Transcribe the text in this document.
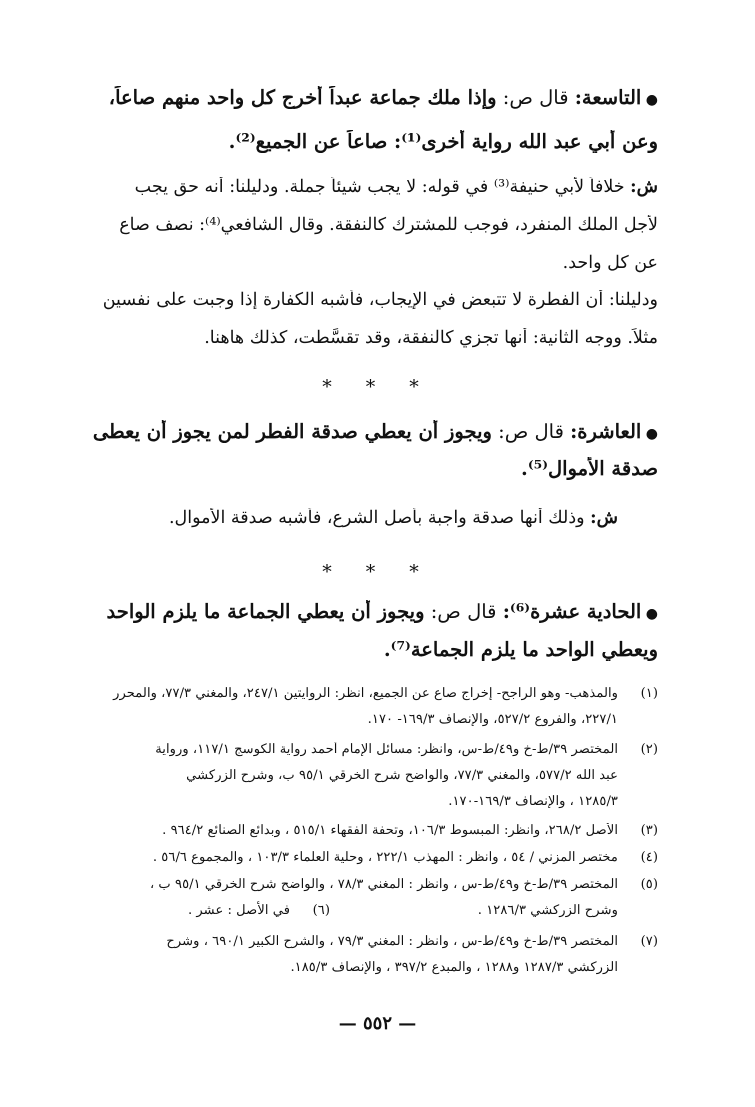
● التاسعة: قال ص: وإذا ملك جماعة عبداً أخرج كل واحد منهم صاعاً،
وعن أبي عبد الله رواية أخرى⁽¹⁾: صاعاً عن الجميع⁽²⁾.
ش: خلافاً لأبي حنيفة⁽³⁾ في قوله: لا يجب شيئاً جملة. ودليلنا: أنه حق يجب
لأجل الملك المنفرد، فوجب للمشترك كالنفقة. وقال الشافعي⁽⁴⁾: نصف صاع
عن كل واحد.
ودليلنا: أن الفطرة لا تتبعض في الإيجاب، فأشبه الكفارة إذا وجبت على نفسين
مثلاً. ووجه الثانية: أنها تجزي كالنفقة، وقد تقسَّطت، كذلك هاهنا.
* * *
● العاشرة: قال ص: ويجوز أن يعطي صدقة الفطر لمن يجوز أن يعطى
صدقة الأموال⁽⁵⁾.
ش: وذلك أنها صدقة واجبة بأصل الشرع، فأشبه صدقة الأموال.
* * *
● الحادية عشرة⁽⁶⁾: قال ص: ويجوز أن يعطي الجماعة ما يلزم الواحد
ويعطي الواحد ما يلزم الجماعة⁽⁷⁾.
(١)والمذهب- وهو الراجح- إخراج صاع عن الجميع، انظر: الروايتين ٢٤٧/١، والمغني ٧٧/٣، والمحرر
٢٢٧/١، والفروع ٥٢٧/٢، والإنصاف ١٦٩/٣- ١٧٠.
(٢)المختصر ٣٩/ط-خ و٤٩/ط-س، وانظر: مسائل الإمام أحمد رواية الكوسج ١١٧/١، ورواية
عبد الله ٥٧٧/٢، والمغني ٧٧/٣، والواضح شرح الخرقي ٩٥/١ ب، وشرح الزركشي
١٢٨٥/٣ ، والإنصاف ١٦٩/٣-١٧٠.
(٣)الأصل ٢٦٨/٢، وانظر: المبسوط ١٠٦/٣، وتحفة الفقهاء ٥١٥/١ ، وبدائع الصنائع ٩٦٤/٢ .
(٤)مختصر المزني / ٥٤ ، وانظر : المهذب ٢٢٢/١ ، وحلية العلماء ١٠٣/٣ ، والمجموع ٥٦/٦ .
(٥)المختصر ٣٩/ط-خ و٤٩/ط-س ، وانظر : المغني ٧٨/٣ ، والواضح شرح الخرقي ٩٥/١ ب ،
وشرح الزركشي ١٢٨٦/٣ .
(٦)في الأصل : عشر .
(٧)المختصر ٣٩/ط-خ و٤٩/ط-س ، وانظر : المغني ٧٩/٣ ، والشرح الكبير ٦٩٠/١ ، وشرح
الزركشي ١٢٨٧/٣ و١٢٨٨ ، والمبدع ٣٩٧/٢ ، والإنصاف ١٨٥/٣.
— ٥٥٢ —
